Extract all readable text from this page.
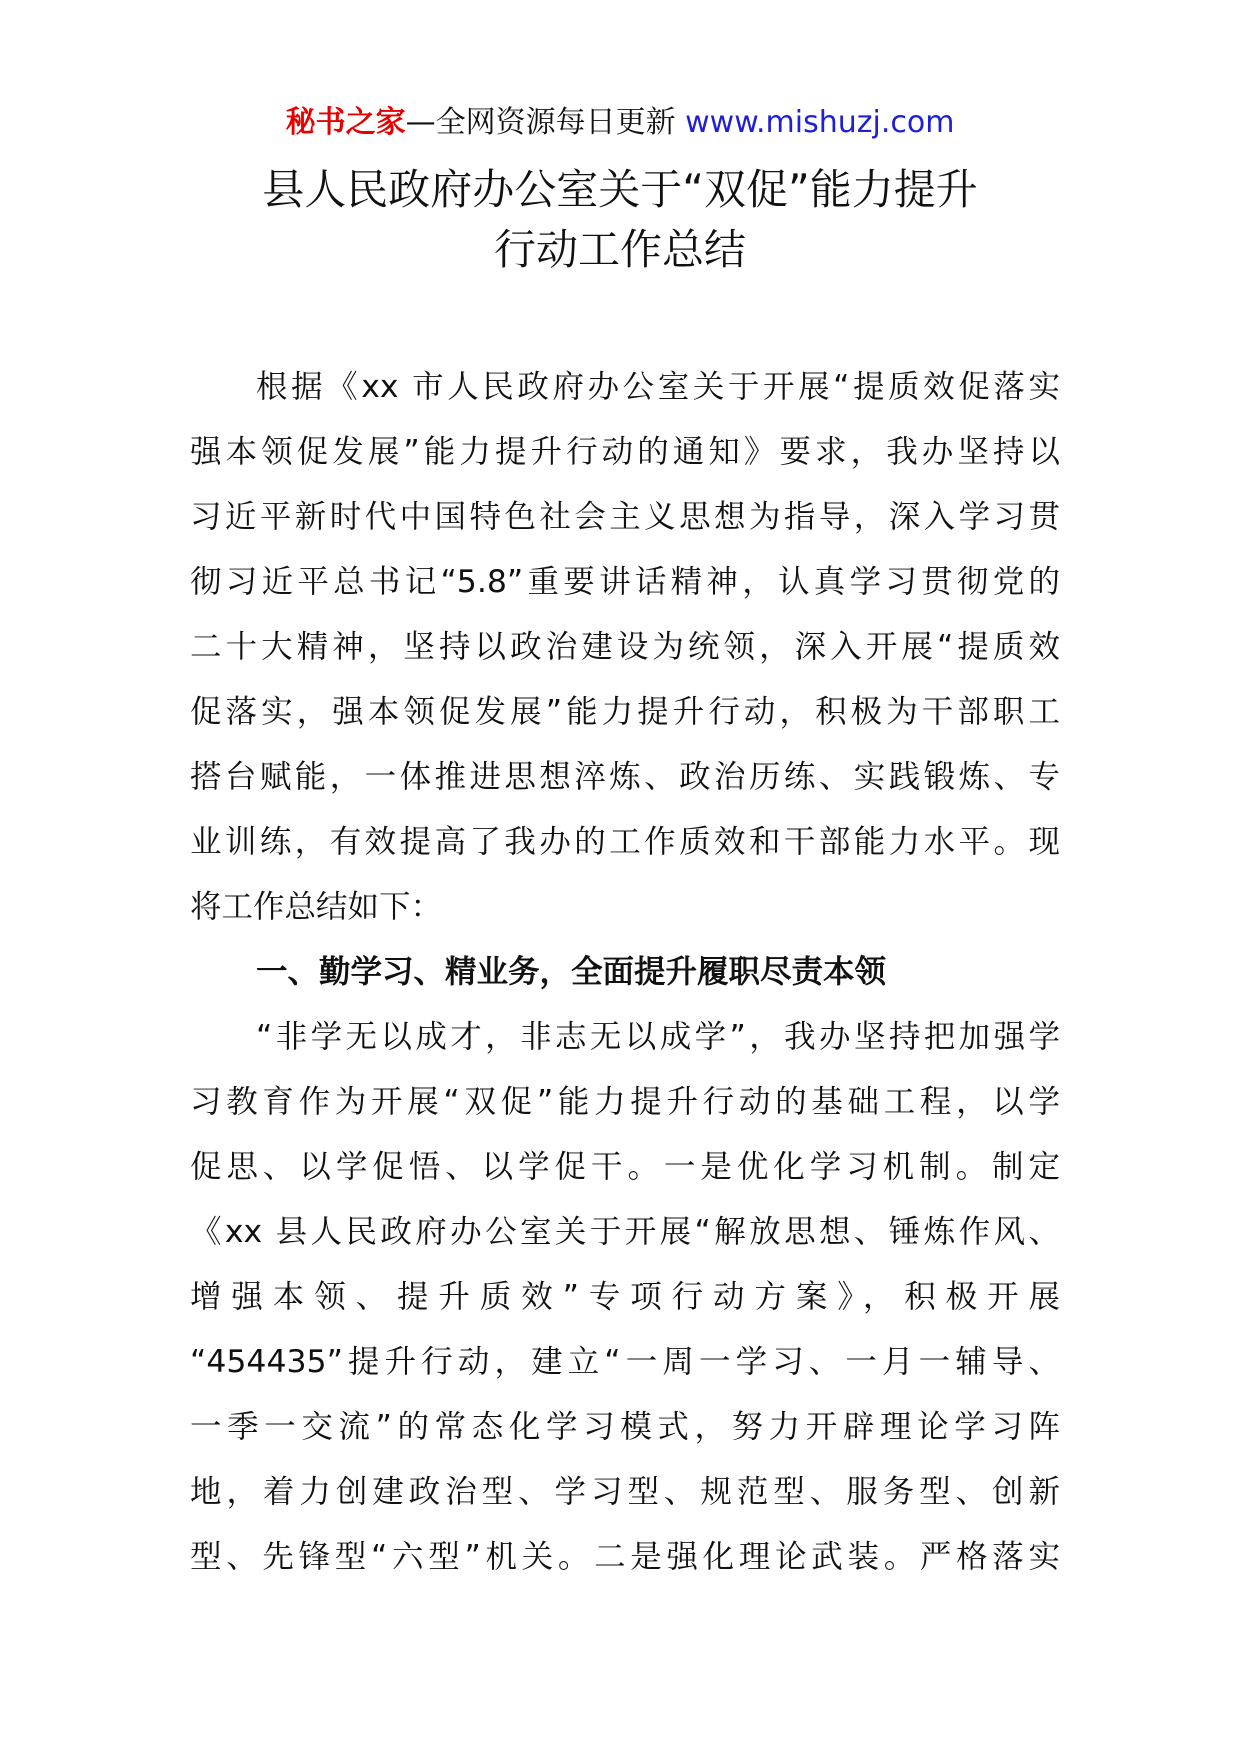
秘书之家—全网资源每日更新 www.mishuzj.com
县人民政府办公室关于“双促”能力提升
行动工作总结
根据《xx 市人民政府办公室关于开展“提质效促落实
强本领促发展”能力提升行动的通知》要求，我办坚持以
习近平新时代中国特色社会主义思想为指导，深入学习贯
彻习近平总书记“5.8”重要讲话精神，认真学习贯彻党的
二十大精神，坚持以政治建设为统领，深入开展“提质效
促落实，强本领促发展”能力提升行动，积极为干部职工
搭台赋能，一体推进思想淬炼、政治历练、实践锻炼、专
业训练，有效提高了我办的工作质效和干部能力水平。现
将工作总结如下：
一、勤学习、精业务，全面提升履职尽责本领
“非学无以成才，非志无以成学”，我办坚持把加强学
习教育作为开展“双促”能力提升行动的基础工程，以学
促思、以学促悟、以学促干。一是优化学习机制。制定
《xx 县人民政府办公室关于开展“解放思想、锤炼作风、
增强本领、提升质效”专项行动方案》，积极开展
“454435”提升行动，建立“一周一学习、一月一辅导、
一季一交流”的常态化学习模式，努力开辟理论学习阵
地，着力创建政治型、学习型、规范型、服务型、创新
型、先锋型“六型”机关。二是强化理论武装。严格落实
